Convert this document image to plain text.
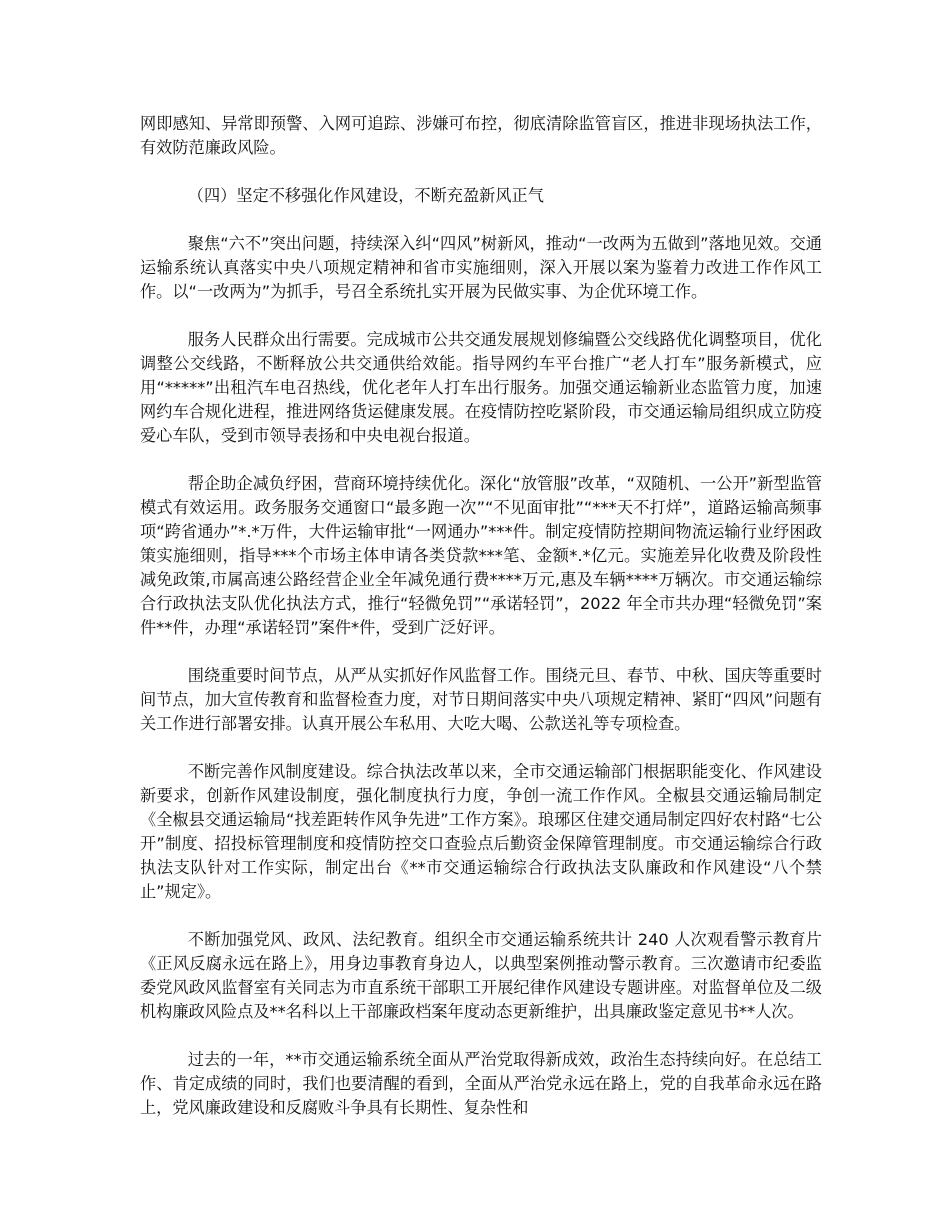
网即感知、异常即预警、入网可追踪、涉嫌可布控，彻底清除监管盲区，推进非现场执法工作，有效防范廉政风险。

（四）坚定不移强化作风建设，不断充盈新风正气

聚焦“六不”突出问题，持续深入纠“四风”树新风，推动“一改两为五做到”落地见效。交通运输系统认真落实中央八项规定精神和省市实施细则，深入开展以案为鉴着力改进工作作风工作。以“一改两为”为抓手，号召全系统扎实开展为民做实事、为企优环境工作。

服务人民群众出行需要。完成城市公共交通发展规划修编暨公交线路优化调整项目，优化调整公交线路，不断释放公共交通供给效能。指导网约车平台推广“老人打车”服务新模式，应用“*****”出租汽车电召热线，优化老年人打车出行服务。加强交通运输新业态监管力度，加速网约车合规化进程，推进网络货运健康发展。在疫情防控吃紧阶段，市交通运输局组织成立防疫爱心车队，受到市领导表扬和中央电视台报道。

帮企助企减负纾困，营商环境持续优化。深化“放管服”改革，“双随机、一公开”新型监管模式有效运用。政务服务交通窗口“最多跑一次”“不见面审批”“***天不打烊”，道路运输高频事项“跨省通办”*.*万件，大件运输审批“一网通办”***件。制定疫情防控期间物流运输行业纾困政策实施细则，指导***个市场主体申请各类贷款***笔、金额*.*亿元。实施差异化收费及阶段性减免政策,市属高速公路经营企业全年减免通行费****万元,惠及车辆****万辆次。市交通运输综合行政执法支队优化执法方式，推行“轻微免罚”“承诺轻罚”，2022 年全市共办理“轻微免罚”案件**件，办理“承诺轻罚”案件*件，受到广泛好评。

围绕重要时间节点，从严从实抓好作风监督工作。围绕元旦、春节、中秋、国庆等重要时间节点，加大宣传教育和监督检查力度，对节日期间落实中央八项规定精神、紧盯“四风”问题有关工作进行部署安排。认真开展公车私用、大吃大喝、公款送礼等专项检查。

不断完善作风制度建设。综合执法改革以来，全市交通运输部门根据职能变化、作风建设新要求，创新作风建设制度，强化制度执行力度，争创一流工作作风。全椒县交通运输局制定《全椒县交通运输局“找差距转作风争先进”工作方案》。琅琊区住建交通局制定四好农村路“七公开”制度、招投标管理制度和疫情防控交口查验点后勤资金保障管理制度。市交通运输综合行政执法支队针对工作实际，制定出台《**市交通运输综合行政执法支队廉政和作风建设“八个禁止”规定》。

不断加强党风、政风、法纪教育。组织全市交通运输系统共计 240 人次观看警示教育片《正风反腐永远在路上》，用身边事教育身边人，以典型案例推动警示教育。三次邀请市纪委监委党风政风监督室有关同志为市直系统干部职工开展纪律作风建设专题讲座。对监督单位及二级机构廉政风险点及**名科以上干部廉政档案年度动态更新维护，出具廉政鉴定意见书**人次。

过去的一年，**市交通运输系统全面从严治党取得新成效，政治生态持续向好。在总结工作、肯定成绩的同时，我们也要清醒的看到，全面从严治党永远在路上，党的自我革命永远在路上，党风廉政建设和反腐败斗争具有长期性、复杂性和
